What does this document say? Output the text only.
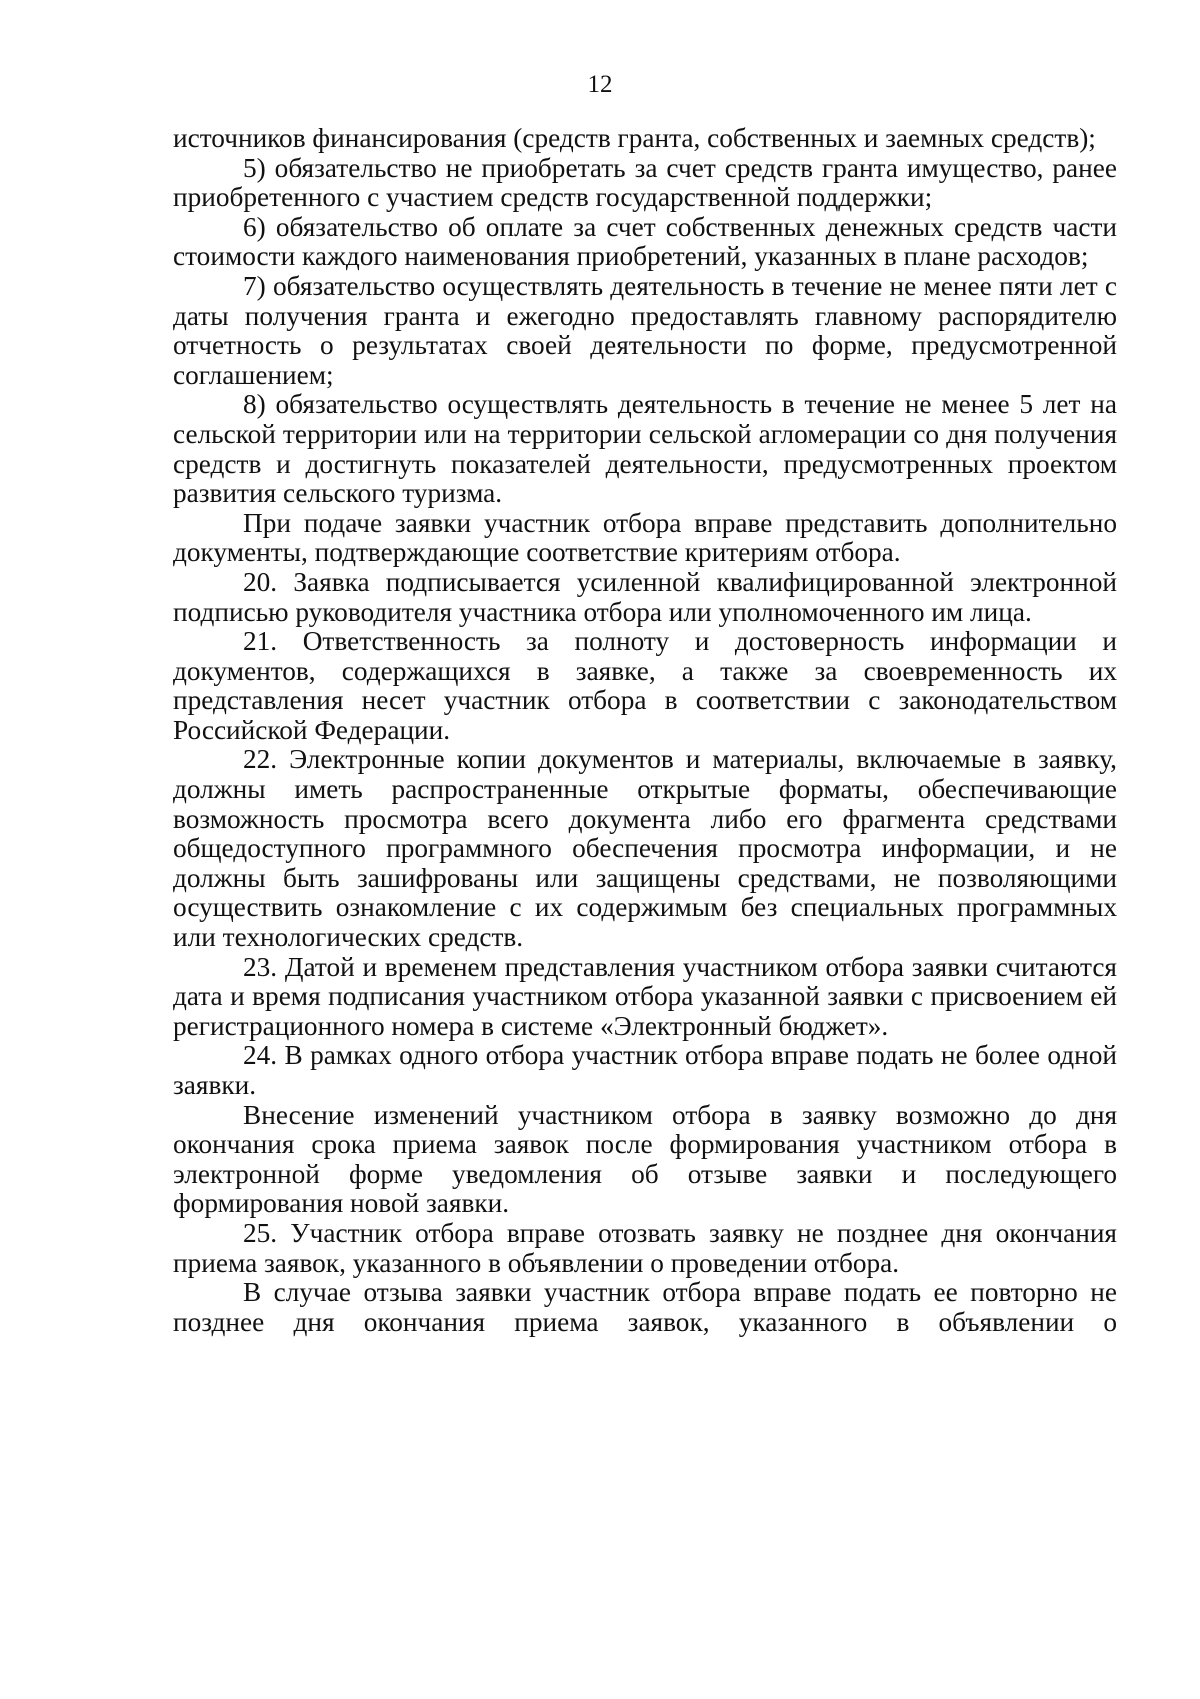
12

источников финансирования (средств гранта, собственных и заемных средств);

5) обязательство не приобретать за счет средств гранта имущество, ранее приобретенного с участием средств государственной поддержки;

6) обязательство об оплате за счет собственных денежных средств части стоимости каждого наименования приобретений, указанных в плане расходов;

7) обязательство осуществлять деятельность в течение не менее пяти лет с даты получения гранта и ежегодно предоставлять главному распорядителю отчетность о результатах своей деятельности по форме, предусмотренной соглашением;

8) обязательство осуществлять деятельность в течение не менее 5 лет на сельской территории или на территории сельской агломерации со дня получения средств и достигнуть показателей деятельности, предусмотренных проектом развития сельского туризма.

При подаче заявки участник отбора вправе представить дополнительно документы, подтверждающие соответствие критериям отбора.

20. Заявка подписывается усиленной квалифицированной электронной подписью руководителя участника отбора или уполномоченного им лица.

21. Ответственность за полноту и достоверность информации и документов, содержащихся в заявке, а также за своевременность их представления несет участник отбора в соответствии с законодательством Российской Федерации.

22. Электронные копии документов и материалы, включаемые в заявку, должны иметь распространенные открытые форматы, обеспечивающие возможность просмотра всего документа либо его фрагмента средствами общедоступного программного обеспечения просмотра информации, и не должны быть зашифрованы или защищены средствами, не позволяющими осуществить ознакомление с их содержимым без специальных программных или технологических средств.

23. Датой и временем представления участником отбора заявки считаются дата и время подписания участником отбора указанной заявки с присвоением ей регистрационного номера в системе «Электронный бюджет».

24. В рамках одного отбора участник отбора вправе подать не более одной заявки.

Внесение изменений участником отбора в заявку возможно до дня окончания срока приема заявок после формирования участником отбора в электронной форме уведомления об отзыве заявки и последующего формирования новой заявки.

25. Участник отбора вправе отозвать заявку не позднее дня окончания приема заявок, указанного в объявлении о проведении отбора.

В случае отзыва заявки участник отбора вправе подать ее повторно не позднее дня окончания приема заявок, указанного в объявлении о
